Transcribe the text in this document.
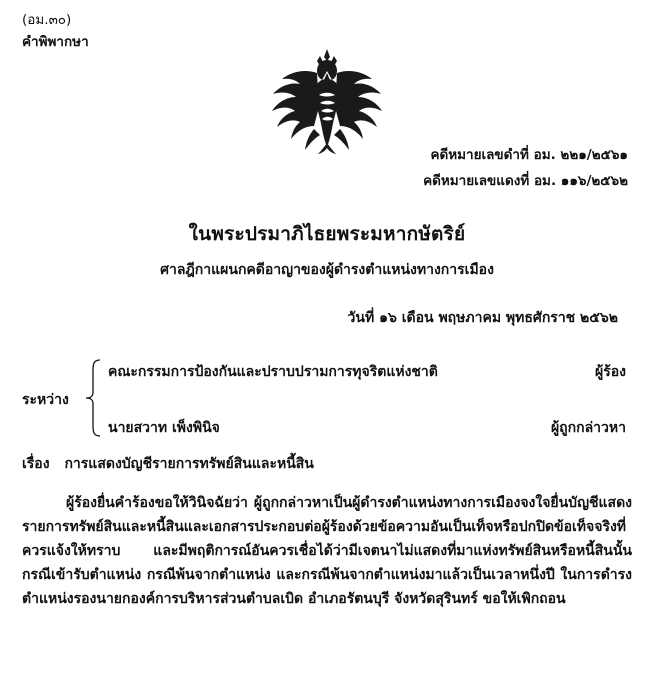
(อม.๓๐)
คำพิพากษา
คดีหมายเลขดำที่ อม. ๒๒๑/๒๕๖๑
คดีหมายเลขแดงที่ อม. ๑๑๖/๒๕๖๒
ในพระปรมาภิไธยพระมหากษัตริย์
ศาลฎีกาแผนกคดีอาญาของผู้ดำรงตำแหน่งทางการเมือง
วันที่ ๑๖ เดือน พฤษภาคม พุทธศักราช ๒๕๖๒
ระหว่าง
คณะกรรมการป้องกันและปราบปรามการทุจริตแห่งชาติ	ผู้ร้อง
นายสวาท เพ็งพินิจ	ผู้ถูกกล่าวหา
เรื่อง การแสดงบัญชีรายการทรัพย์สินและหนี้สิน

ผู้ร้องยื่นคำร้องขอให้วินิจฉัยว่า ผู้ถูกกล่าวหาเป็นผู้ดำรงตำแหน่งทางการเมืองจงใจยื่นบัญชีแสดงรายการทรัพย์สินและหนี้สินและเอกสารประกอบต่อผู้ร้องด้วยข้อความอันเป็นเท็จหรือปกปิดข้อเท็จจริงที่ควรแจ้งให้ทราบ และมีพฤติการณ์อันควรเชื่อได้ว่ามีเจตนาไม่แสดงที่มาแห่งทรัพย์สินหรือหนี้สินนั้น กรณีเข้ารับตำแหน่ง กรณีพ้นจากตำแหน่ง และกรณีพ้นจากตำแหน่งมาแล้วเป็นเวลาหนึ่งปี ในการดำรงตำแหน่งรองนายกองค์การบริหารส่วนตำบลเบิด อำเภอรัตนบุรี จังหวัดสุรินทร์ ขอให้เพิกถอน
